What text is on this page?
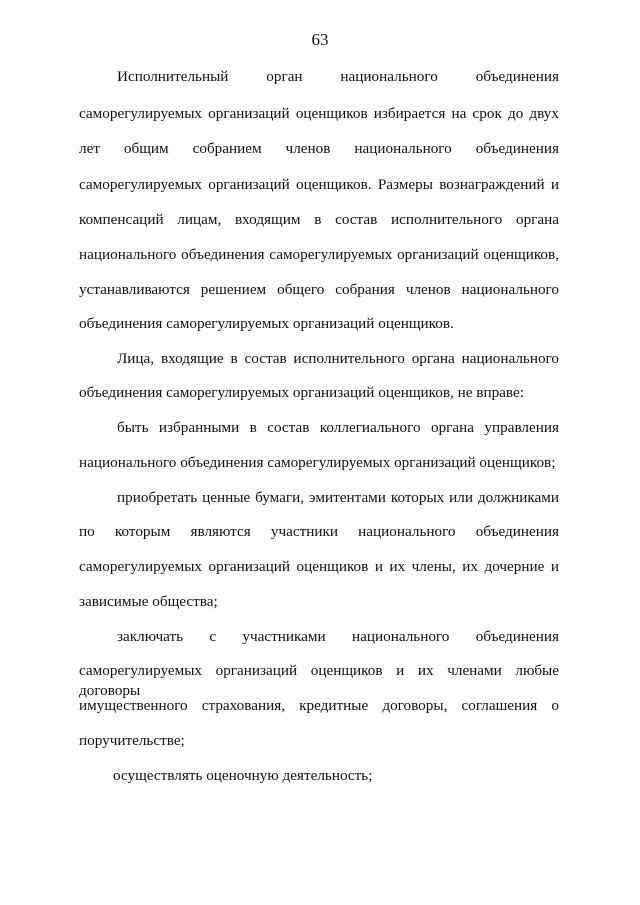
63
Исполнительный орган национального объединения
саморегулируемых организаций оценщиков избирается на срок до двух
лет общим собранием членов национального объединения
саморегулируемых организаций оценщиков. Размеры вознаграждений и
компенсаций лицам, входящим в состав исполнительного органа
национального объединения саморегулируемых организаций оценщиков,
устанавливаются решением общего собрания членов национального
объединения саморегулируемых организаций оценщиков.
Лица, входящие в состав исполнительного органа национального
объединения саморегулируемых организаций оценщиков, не вправе:
быть избранными в состав коллегиального органа управления
национального объединения саморегулируемых организаций оценщиков;
приобретать ценные бумаги, эмитентами которых или должниками
по которым являются участники национального объединения
саморегулируемых организаций оценщиков и их члены, их дочерние и
зависимые общества;
заключать с участниками национального объединения
саморегулируемых организаций оценщиков и их членами любые договоры
имущественного страхования, кредитные договоры, соглашения о
поручительстве;
осуществлять оценочную деятельность;
